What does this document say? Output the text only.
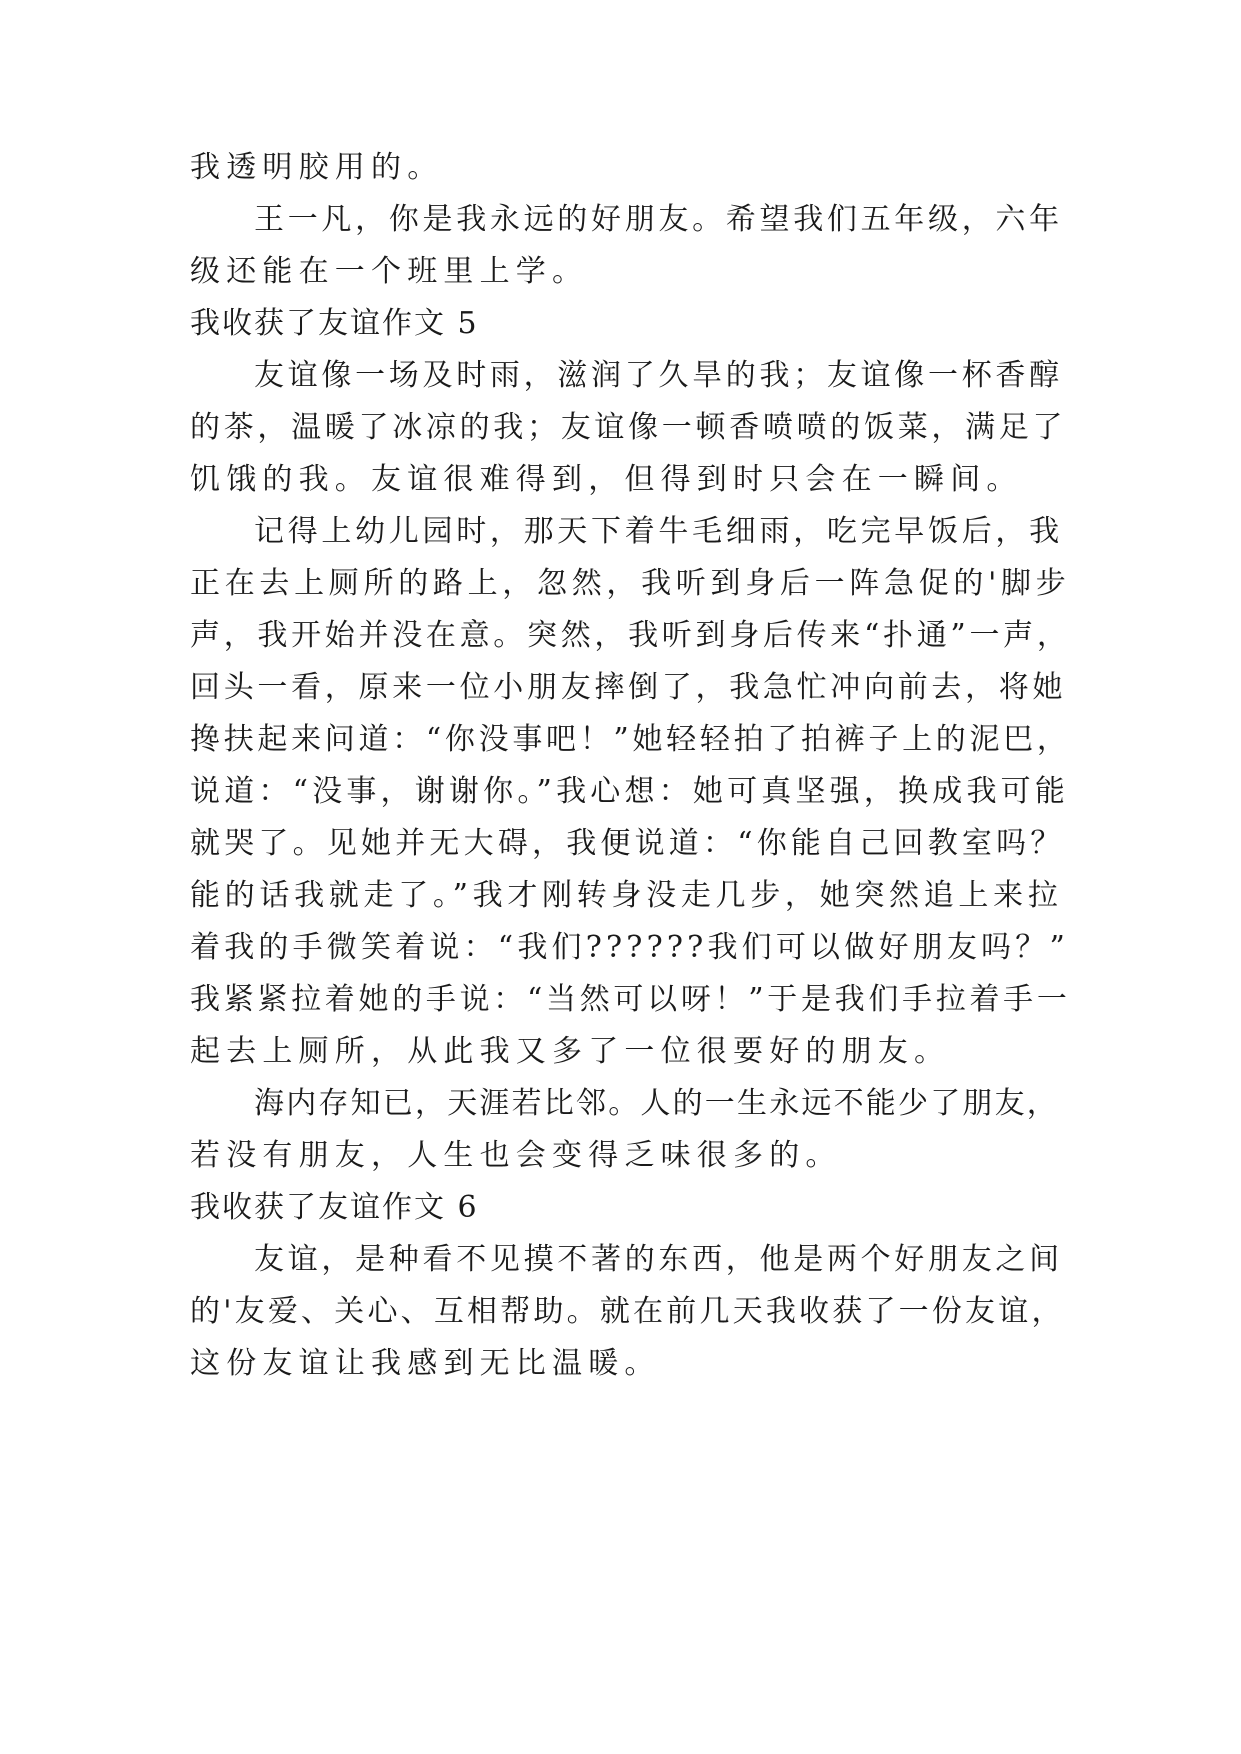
我透明胶用的。
王一凡，你是我永远的好朋友。希望我们五年级，六年
级还能在一个班里上学。
我收获了友谊作文 5
友谊像一场及时雨，滋润了久旱的我；友谊像一杯香醇
的茶，温暖了冰凉的我；友谊像一顿香喷喷的饭菜，满足了
饥饿的我。友谊很难得到，但得到时只会在一瞬间。
记得上幼儿园时，那天下着牛毛细雨，吃完早饭后，我
正在去上厕所的路上，忽然，我听到身后一阵急促的'脚步
声，我开始并没在意。突然，我听到身后传来“扑通”一声，
回头一看，原来一位小朋友摔倒了，我急忙冲向前去，将她
搀扶起来问道：“你没事吧！”她轻轻拍了拍裤子上的泥巴，
说道：“没事，谢谢你。”我心想：她可真坚强，换成我可能
就哭了。见她并无大碍，我便说道：“你能自己回教室吗？
能的话我就走了。”我才刚转身没走几步，她突然追上来拉
着我的手微笑着说：“我们??????我们可以做好朋友吗？”
我紧紧拉着她的手说：“当然可以呀！”于是我们手拉着手一
起去上厕所，从此我又多了一位很要好的朋友。
海内存知已，天涯若比邻。人的一生永远不能少了朋友，
若没有朋友，人生也会变得乏味很多的。
我收获了友谊作文 6
友谊，是种看不见摸不著的东西，他是两个好朋友之间
的'友爱、关心、互相帮助。就在前几天我收获了一份友谊，
这份友谊让我感到无比温暖。
